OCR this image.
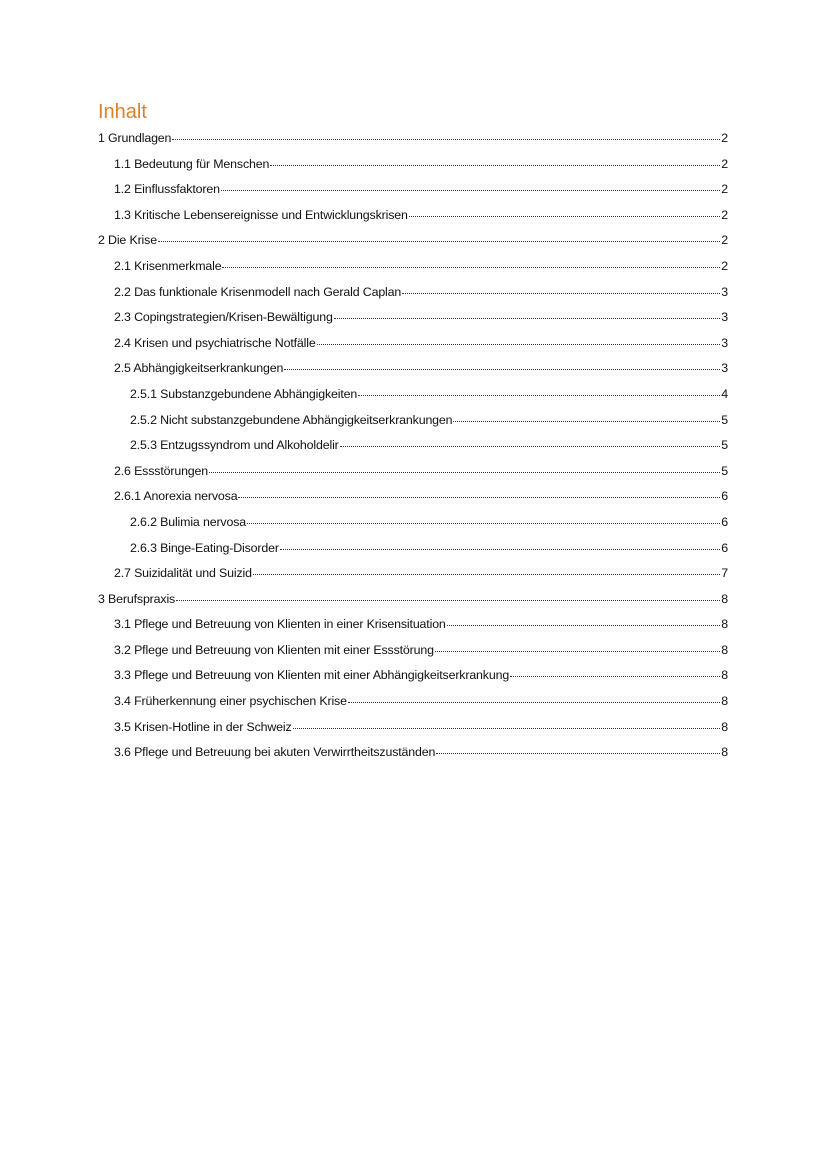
Inhalt
1 Grundlagen	2
1.1 Bedeutung für Menschen	2
1.2 Einflussfaktoren	2
1.3 Kritische Lebensereignisse und Entwicklungskrisen	2
2 Die Krise	2
2.1 Krisenmerkmale	2
2.2 Das funktionale Krisenmodell nach Gerald Caplan	3
2.3 Copingstrategien/Krisen-Bewältigung	3
2.4 Krisen und psychiatrische Notfälle	3
2.5 Abhängigkeitserkrankungen	3
2.5.1 Substanzgebundene Abhängigkeiten	4
2.5.2 Nicht substanzgebundene Abhängigkeitserkrankungen	5
2.5.3 Entzugssyndrom und Alkoholdelir	5
2.6 Essstörungen	5
2.6.1 Anorexia nervosa	6
2.6.2 Bulimia nervosa	6
2.6.3 Binge-Eating-Disorder	6
2.7 Suizidalität und Suizid	7
3 Berufspraxis	8
3.1 Pflege und Betreuung von Klienten in einer Krisensituation	8
3.2 Pflege und Betreuung von Klienten mit einer Essstörung	8
3.3 Pflege und Betreuung von Klienten mit einer Abhängigkeitserkrankung	8
3.4 Früherkennung einer psychischen Krise	8
3.5 Krisen-Hotline in der Schweiz	8
3.6 Pflege und Betreuung bei akuten Verwirrtheitszuständen	8
